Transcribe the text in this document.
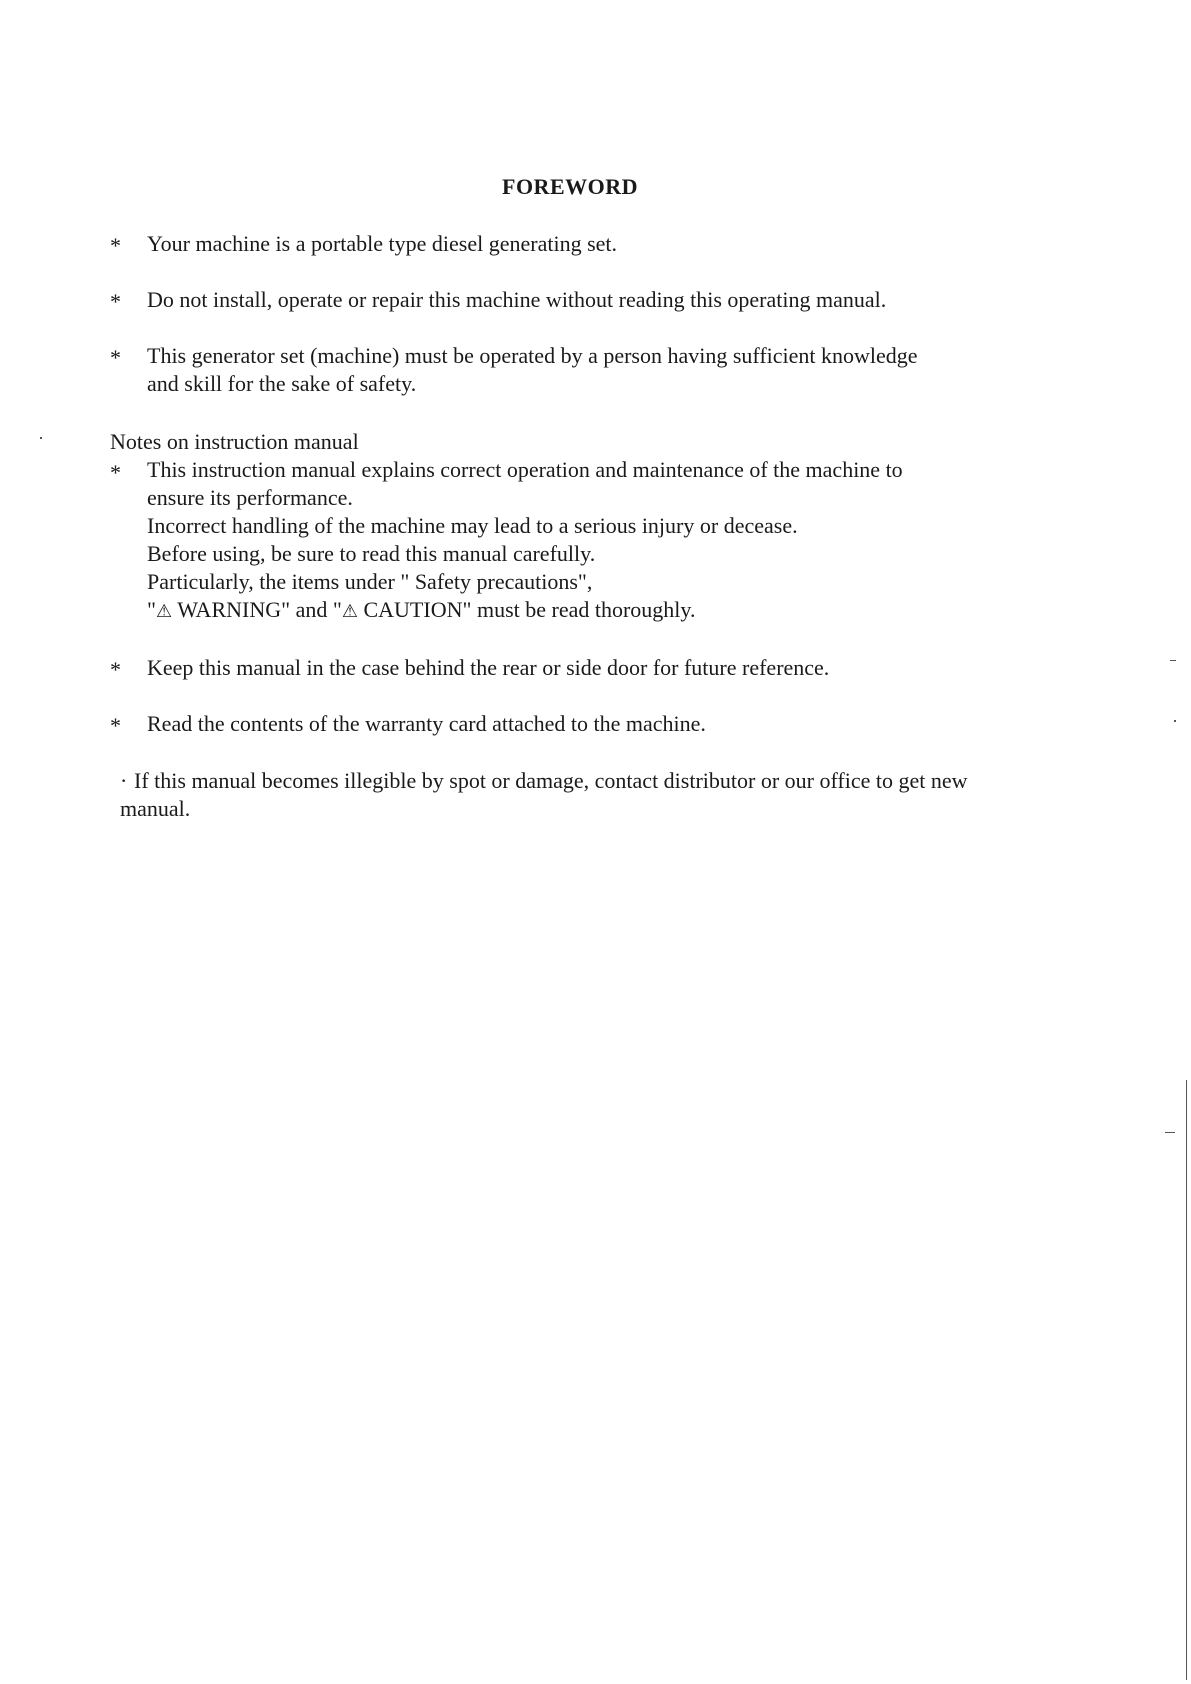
FOREWORD
* Your machine is a portable type diesel generating set.
* Do not install, operate or repair this machine without reading this operating manual.
* This generator set (machine) must be operated by a person having sufficient knowledge
and skill for the sake of safety.
Notes on instruction manual
* This instruction manual explains correct operation and maintenance of the machine to
ensure its performance.
Incorrect handling of the machine may lead to a serious injury or decease.
Before using, be sure to read this manual carefully.
Particularly, the items under " Safety precautions",
"⚠ WARNING" and "⚠ CAUTION" must be read thoroughly.
* Keep this manual in the case behind the rear or side door for future reference.
* Read the contents of the warranty card attached to the machine.
· If this manual becomes illegible by spot or damage, contact distributor or our office to get new manual.
